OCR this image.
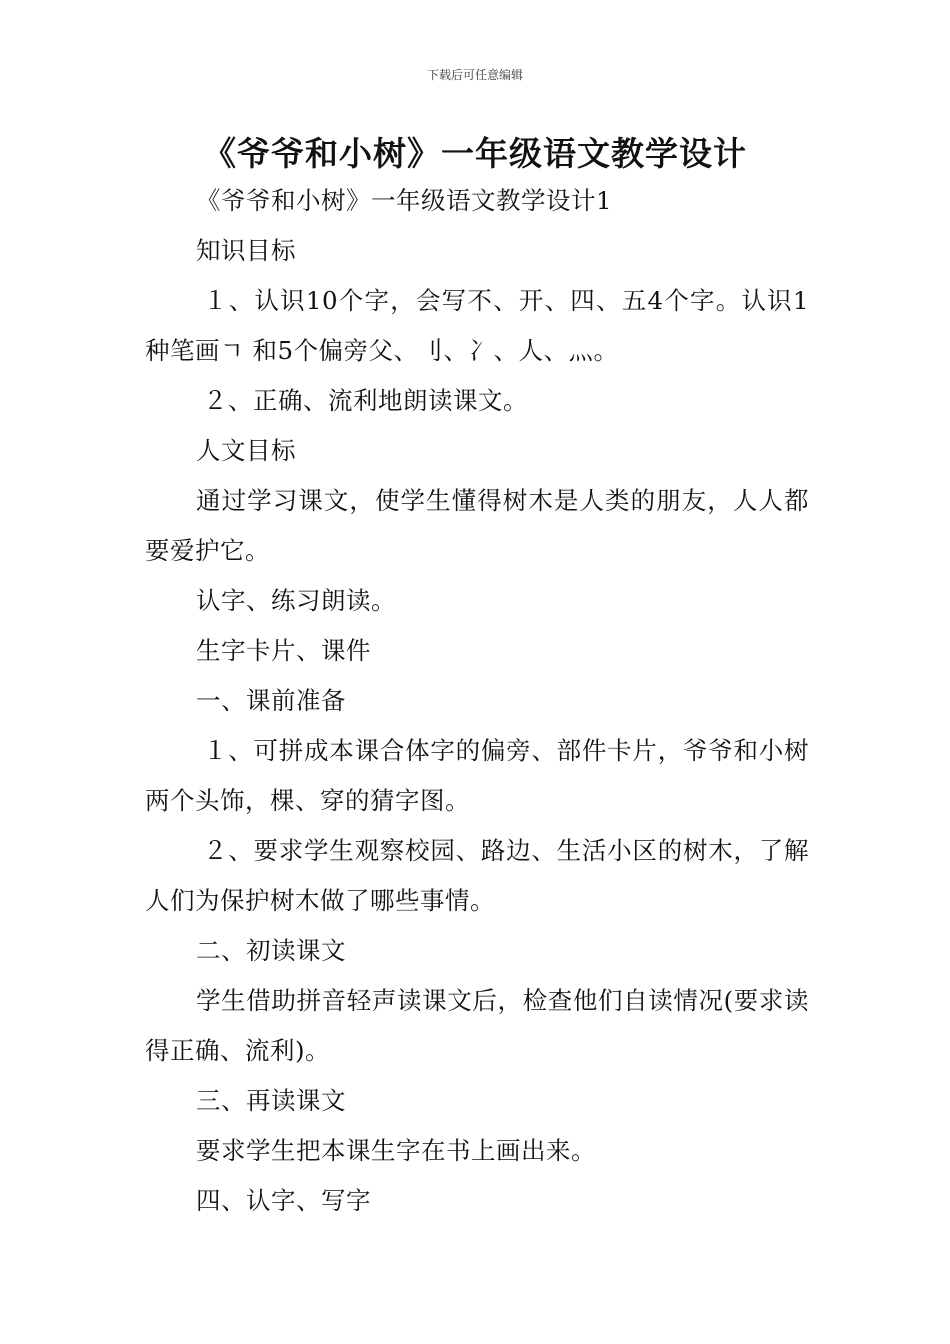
下载后可任意编辑
《爷爷和小树》一年级语文教学设计

《爷爷和小树》一年级语文教学设计1

知识目标

１、认识10个字，会写不、开、四、五4个字。认识1种笔画ㄱ 和5个偏旁父、刂、冫、人、灬。

２、正确、流利地朗读课文。

人文目标

通过学习课文，使学生懂得树木是人类的朋友，人人都要爱护它。

认字、练习朗读。

生字卡片、课件

一、课前准备

１、可拼成本课合体字的偏旁、部件卡片，爷爷和小树两个头饰，棵、穿的猜字图。

２、要求学生观察校园、路边、生活小区的树木，了解人们为保护树木做了哪些事情。

二、初读课文

学生借助拼音轻声读课文后，检查他们自读情况(要求读得正确、流利)。

三、再读课文

要求学生把本课生字在书上画出来。

四、认字、写字
